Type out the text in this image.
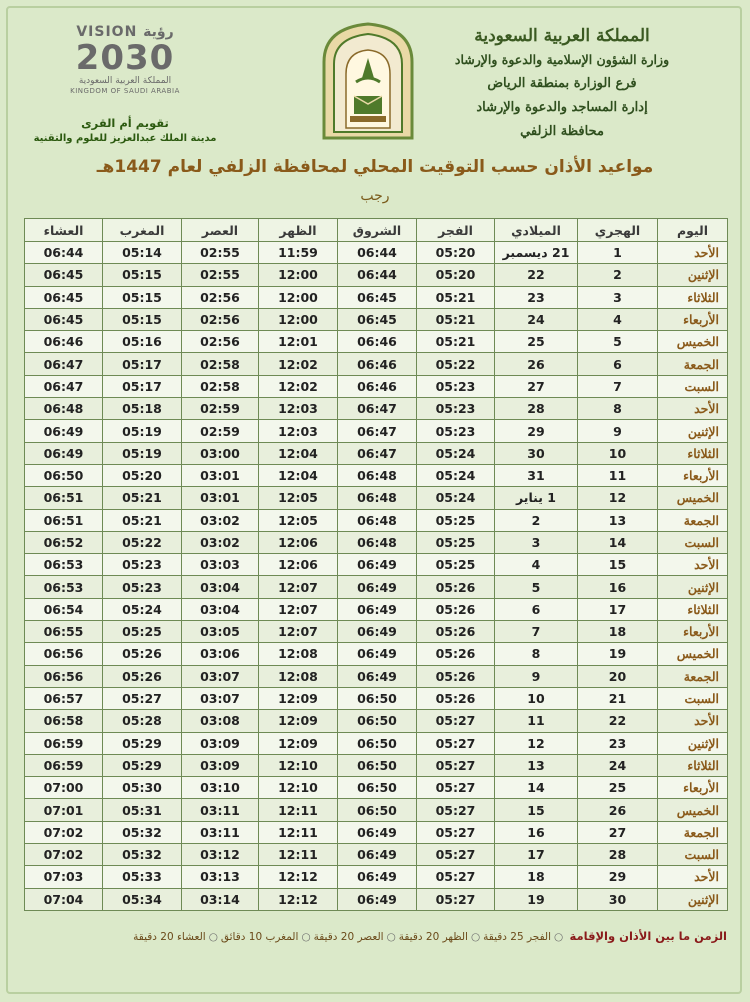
المملكة العربية السعودية
وزارة الشؤون الإسلامية والدعوة والإرشاد
فرع الوزارة بمنطقة الرياض
إدارة المساجد والدعوة والإرشاد
محافظة الزلفي
VISION رؤية
2030
المملكة العربية السعودية
KINGDOM OF SAUDI ARABIA
تقويم أم القرى
مدينة الملك عبدالعزيز للعلوم والتقنية
مواعيد الأذان حسب التوقيت المحلي لمحافظة الزلفي لعام 1447هـ
رجب
اليوم	الهجري	الميلادي	الفجر	الشروق	الظهر	العصر	المغرب	العشاء
الأحد	1	21 ديسمبر	05:20	06:44	11:59	02:55	05:14	06:44
الإثنين	2	22	05:20	06:44	12:00	02:55	05:15	06:45
الثلاثاء	3	23	05:21	06:45	12:00	02:56	05:15	06:45
الأربعاء	4	24	05:21	06:45	12:00	02:56	05:15	06:45
الخميس	5	25	05:21	06:46	12:01	02:56	05:16	06:46
الجمعة	6	26	05:22	06:46	12:02	02:58	05:17	06:47
السبت	7	27	05:23	06:46	12:02	02:58	05:17	06:47
الأحد	8	28	05:23	06:47	12:03	02:59	05:18	06:48
الإثنين	9	29	05:23	06:47	12:03	02:59	05:19	06:49
الثلاثاء	10	30	05:24	06:47	12:04	03:00	05:19	06:49
الأربعاء	11	31	05:24	06:48	12:04	03:01	05:20	06:50
الخميس	12	1 يناير	05:24	06:48	12:05	03:01	05:21	06:51
الجمعة	13	2	05:25	06:48	12:05	03:02	05:21	06:51
السبت	14	3	05:25	06:48	12:06	03:02	05:22	06:52
الأحد	15	4	05:25	06:49	12:06	03:03	05:23	06:53
الإثنين	16	5	05:26	06:49	12:07	03:04	05:23	06:53
الثلاثاء	17	6	05:26	06:49	12:07	03:04	05:24	06:54
الأربعاء	18	7	05:26	06:49	12:07	03:05	05:25	06:55
الخميس	19	8	05:26	06:49	12:08	03:06	05:26	06:56
الجمعة	20	9	05:26	06:49	12:08	03:07	05:26	06:56
السبت	21	10	05:26	06:50	12:09	03:07	05:27	06:57
الأحد	22	11	05:27	06:50	12:09	03:08	05:28	06:58
الإثنين	23	12	05:27	06:50	12:09	03:09	05:29	06:59
الثلاثاء	24	13	05:27	06:50	12:10	03:09	05:29	06:59
الأربعاء	25	14	05:27	06:50	12:10	03:10	05:30	07:00
الخميس	26	15	05:27	06:50	12:11	03:11	05:31	07:01
الجمعة	27	16	05:27	06:49	12:11	03:11	05:32	07:02
السبت	28	17	05:27	06:49	12:11	03:12	05:32	07:02
الأحد	29	18	05:27	06:49	12:12	03:13	05:33	07:03
الإثنين	30	19	05:27	06:49	12:12	03:14	05:34	07:04
الزمن ما بين الأذان والإقامة ○الفجر 25 دقيقة○الظهر 20 دقيقة○العصر 20 دقيقة○المغرب 10 دقائق○العشاء 20 دقيقة
